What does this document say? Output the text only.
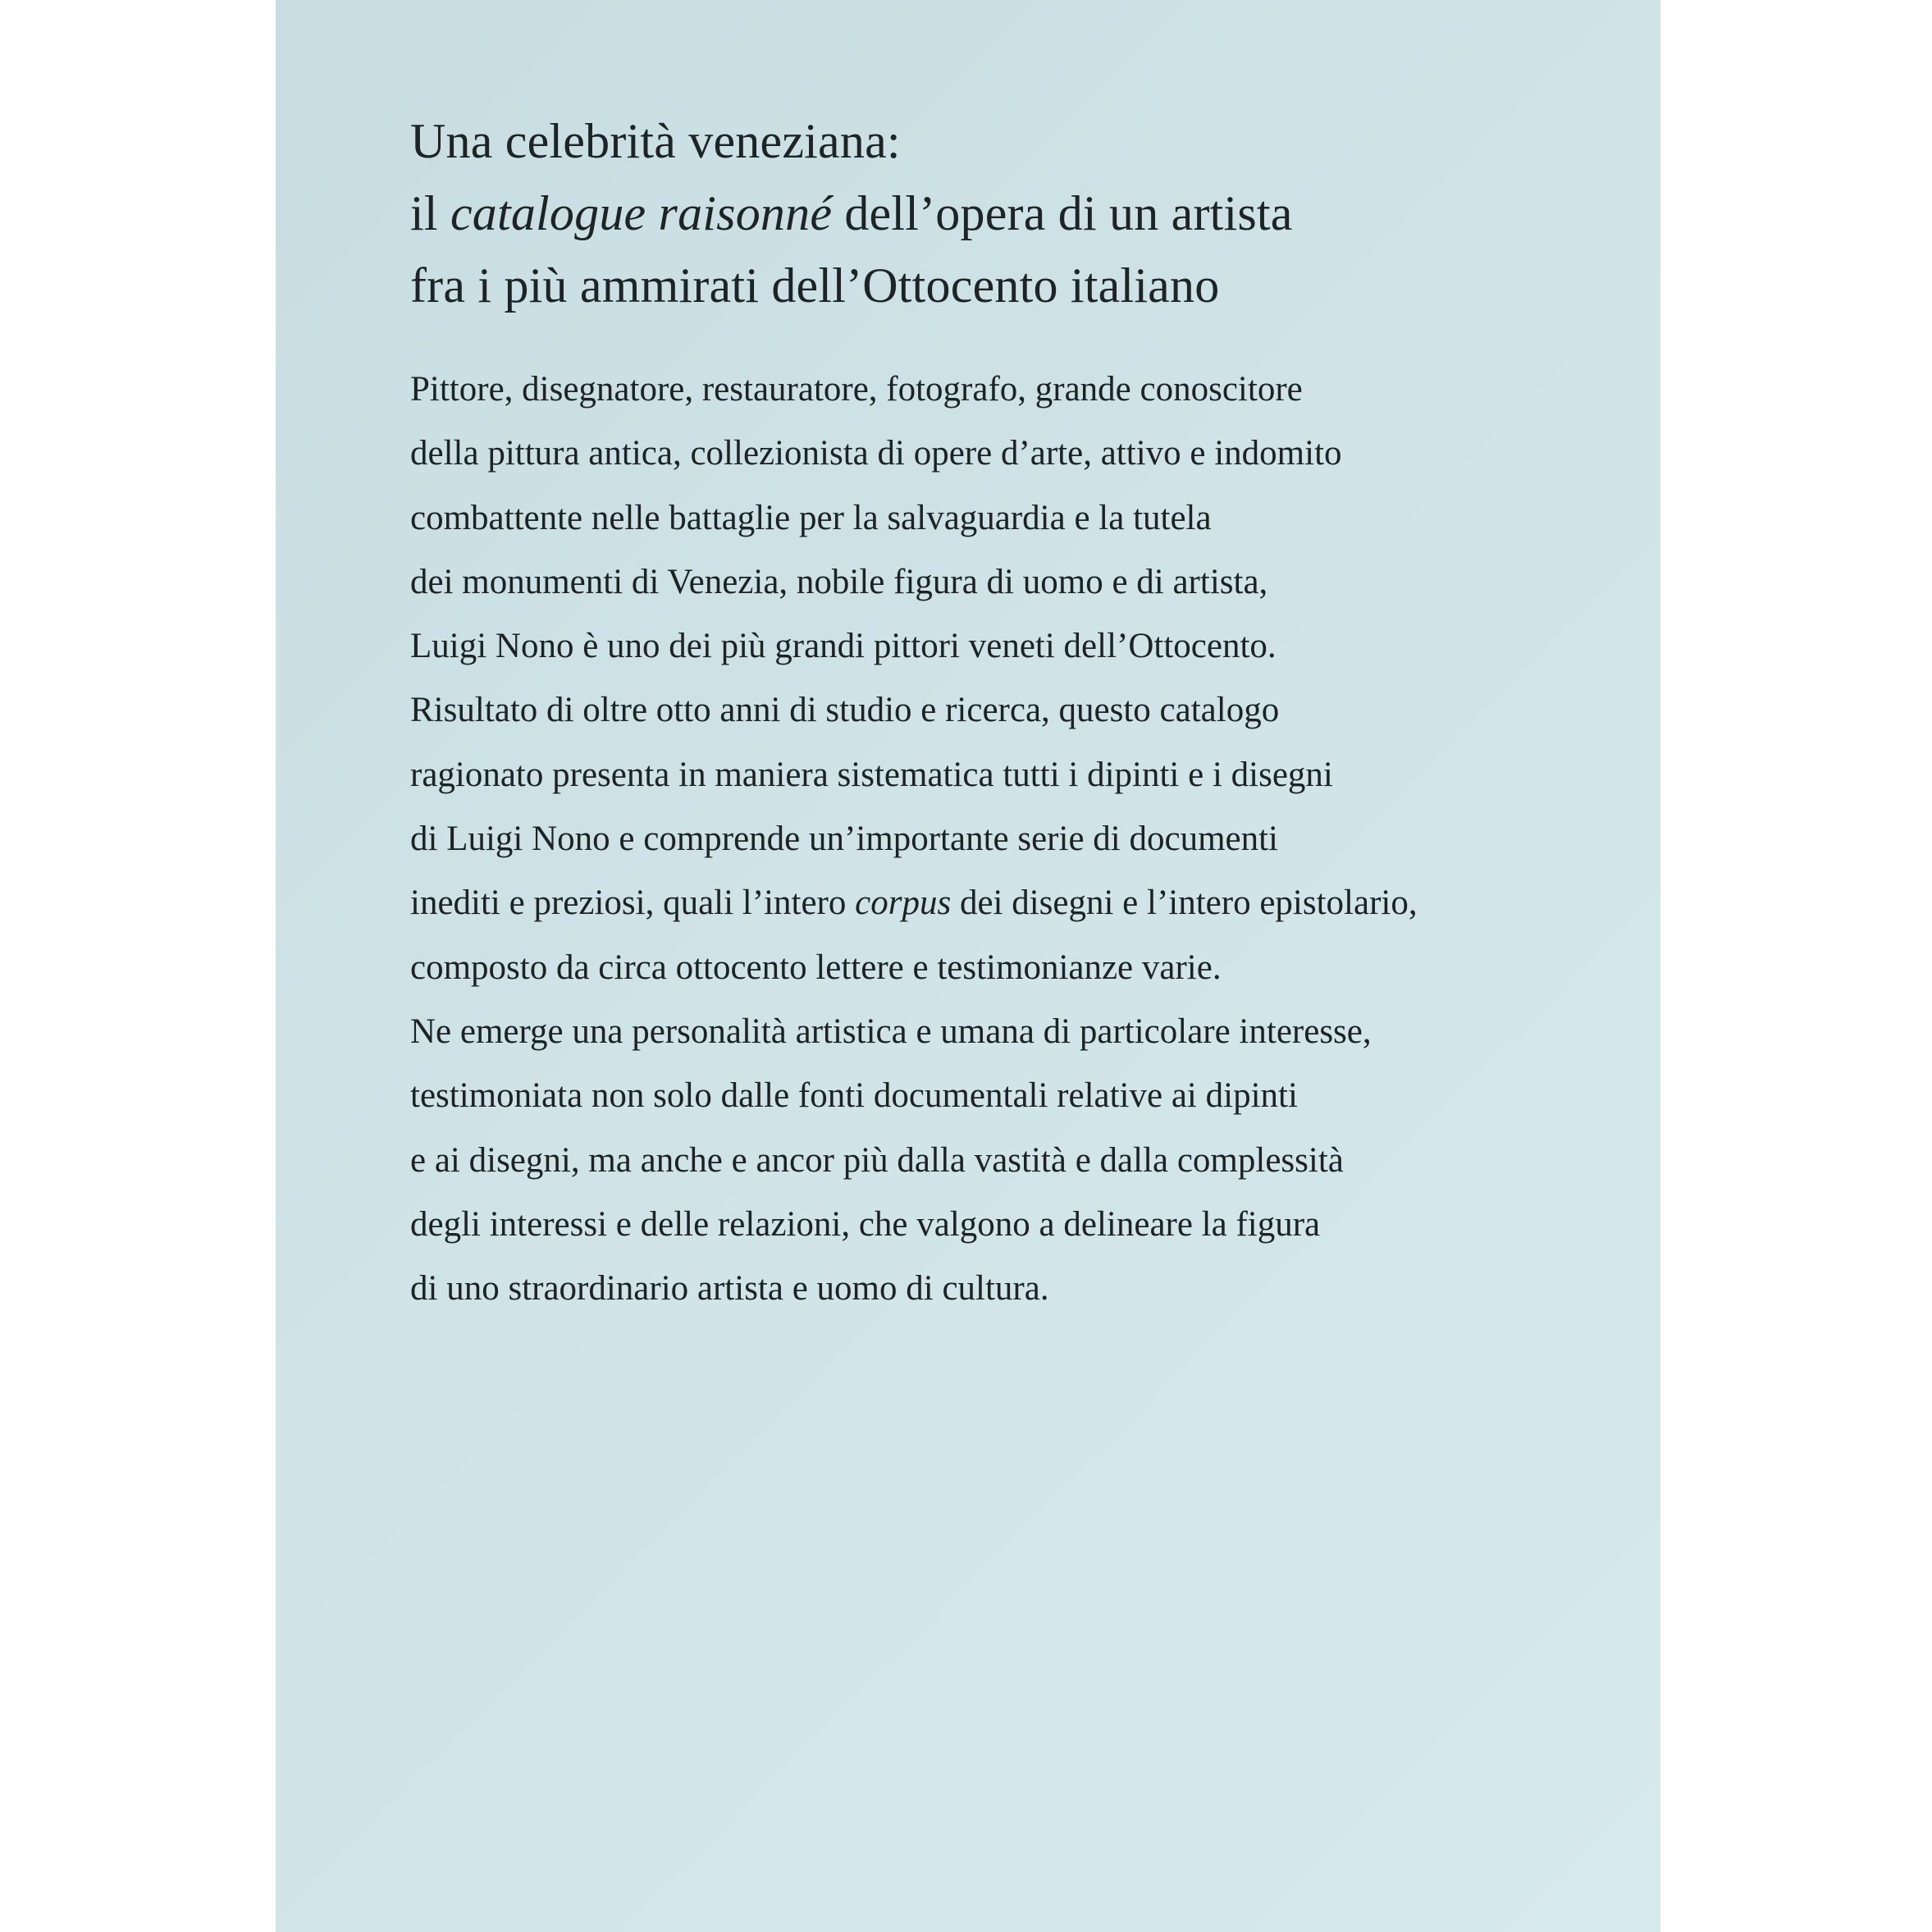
Una celebrità veneziana:
il catalogue raisonné dell’opera di un artista
fra i più ammirati dell’Ottocento italiano
Pittore, disegnatore, restauratore, fotografo, grande conoscitore
della pittura antica, collezionista di opere d’arte, attivo e indomito
combattente nelle battaglie per la salvaguardia e la tutela
dei monumenti di Venezia, nobile figura di uomo e di artista,
Luigi Nono è uno dei più grandi pittori veneti dell’Ottocento.
Risultato di oltre otto anni di studio e ricerca, questo catalogo
ragionato presenta in maniera sistematica tutti i dipinti e i disegni
di Luigi Nono e comprende un’importante serie di documenti
inediti e preziosi, quali l’intero corpus dei disegni e l’intero epistolario,
composto da circa ottocento lettere e testimonianze varie.
Ne emerge una personalità artistica e umana di particolare interesse,
testimoniata non solo dalle fonti documentali relative ai dipinti
e ai disegni, ma anche e ancor più dalla vastità e dalla complessità
degli interessi e delle relazioni, che valgono a delineare la figura
di uno straordinario artista e uomo di cultura.
